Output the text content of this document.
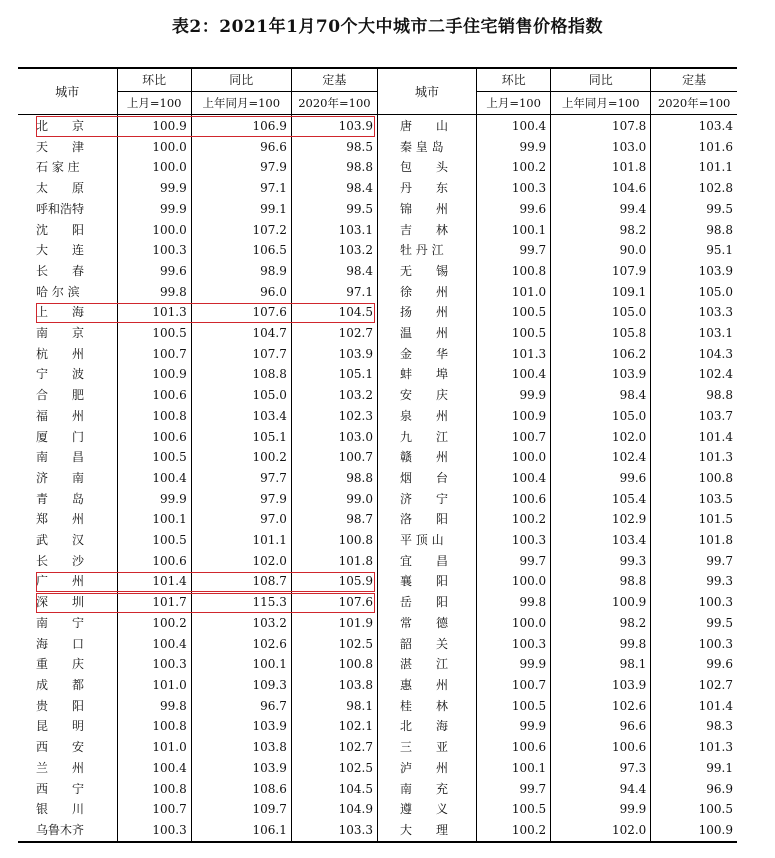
表2：2021年1月70个大中城市二手住宅销售价格指数
城市	环比	同比	定基	城市	环比	同比	定基
	上月=100	上年同月=100	2020年=100		上月=100	上年同月=100	2020年=100
北　　京	100.9	106.9	103.9	唐　　山	100.4	107.8	103.4
天　　津	100.0	96.6	98.5	秦 皇 岛	99.9	103.0	101.6
石 家 庄	100.0	97.9	98.8	包　　头	100.2	101.8	101.1
太　　原	99.9	97.1	98.4	丹　　东	100.3	104.6	102.8
呼和浩特	99.9	99.1	99.5	锦　　州	99.6	99.4	99.5
沈　　阳	100.0	107.2	103.1	吉　　林	100.1	98.2	98.8
大　　连	100.3	106.5	103.2	牡 丹 江	99.7	90.0	95.1
长　　春	99.6	98.9	98.4	无　　锡	100.8	107.9	103.9
哈 尔 滨	99.8	96.0	97.1	徐　　州	101.0	109.1	105.0
上　　海	101.3	107.6	104.5	扬　　州	100.5	105.0	103.3
南　　京	100.5	104.7	102.7	温　　州	100.5	105.8	103.1
杭　　州	100.7	107.7	103.9	金　　华	101.3	106.2	104.3
宁　　波	100.9	108.8	105.1	蚌　　埠	100.4	103.9	102.4
合　　肥	100.6	105.0	103.2	安　　庆	99.9	98.4	98.8
福　　州	100.8	103.4	102.3	泉　　州	100.9	105.0	103.7
厦　　门	100.6	105.1	103.0	九　　江	100.7	102.0	101.4
南　　昌	100.5	100.2	100.7	赣　　州	100.0	102.4	101.3
济　　南	100.4	97.7	98.8	烟　　台	100.4	99.6	100.8
青　　岛	99.9	97.9	99.0	济　　宁	100.6	105.4	103.5
郑　　州	100.1	97.0	98.7	洛　　阳	100.2	102.9	101.5
武　　汉	100.5	101.1	100.8	平 顶 山	100.3	103.4	101.8
长　　沙	100.6	102.0	101.8	宜　　昌	99.7	99.3	99.7
广　　州	101.4	108.7	105.9	襄　　阳	100.0	98.8	99.3
深　　圳	101.7	115.3	107.6	岳　　阳	99.8	100.9	100.3
南　　宁	100.2	103.2	101.9	常　　德	100.0	98.2	99.5
海　　口	100.4	102.6	102.5	韶　　关	100.3	99.8	100.3
重　　庆	100.3	100.1	100.8	湛　　江	99.9	98.1	99.6
成　　都	101.0	109.3	103.8	惠　　州	100.7	103.9	102.7
贵　　阳	99.8	96.7	98.1	桂　　林	100.5	102.6	101.4
昆　　明	100.8	103.9	102.1	北　　海	99.9	96.6	98.3
西　　安	101.0	103.8	102.7	三　　亚	100.6	100.6	101.3
兰　　州	100.4	103.9	102.5	泸　　州	100.1	97.3	99.1
西　　宁	100.8	108.6	104.5	南　　充	99.7	94.4	96.9
银　　川	100.7	109.7	104.9	遵　　义	100.5	99.9	100.5
乌鲁木齐	100.3	106.1	103.3	大　　理	100.2	102.0	100.9
